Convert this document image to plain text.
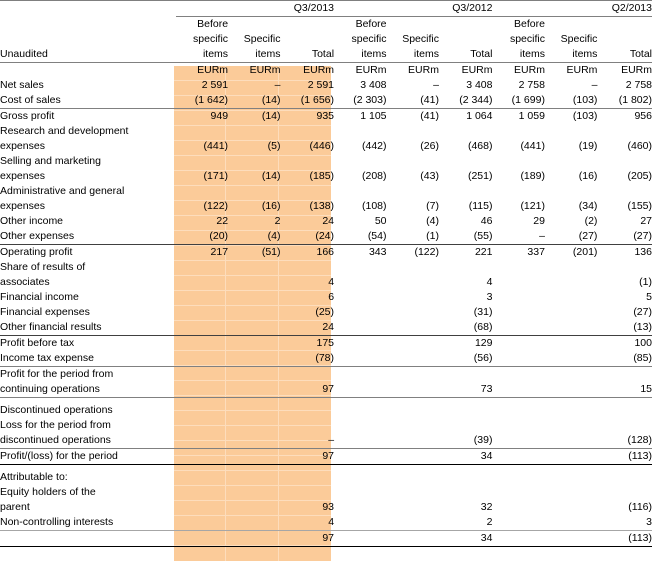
	Q3/2013			Q3/2012			Q2/2013		
	Before			Before			Before		
	specific	Specific		specific	Specific		specific	Specific	
Unaudited	items	items	Total	items	items	Total	items	items	Total
	EURm	EURm	EURm	EURm	EURm	EURm	EURm	EURm	EURm
Net sales	2 591	–	2 591	3 408	–	3 408	2 758	–	2 758
Cost of sales	(1 642)	(14)	(1 656)	(2 303)	(41)	(2 344)	(1 699)	(103)	(1 802)
Gross profit	949	(14)	935	1 105	(41)	1 064	1 059	(103)	956
Research and development									
expenses	(441)	(5)	(446)	(442)	(26)	(468)	(441)	(19)	(460)
Selling and marketing									
expenses	(171)	(14)	(185)	(208)	(43)	(251)	(189)	(16)	(205)
Administrative and general									
expenses	(122)	(16)	(138)	(108)	(7)	(115)	(121)	(34)	(155)
Other income	22	2	24	50	(4)	46	29	(2)	27
Other expenses	(20)	(4)	(24)	(54)	(1)	(55)	–	(27)	(27)
Operating profit	217	(51)	166	343	(122)	221	337	(201)	136
Share of results of									
associates			4			4			(1)
Financial income			6			3			5
Financial expenses			(25)			(31)			(27)
Other financial results			24			(68)			(13)
Profit before tax			175			129			100
Income tax expense			(78)			(56)			(85)
Profit for the period from									
continuing operations			97			73			15
Discontinued operations									
Loss for the period from									
discontinued operations			–			(39)			(128)
Profit/(loss) for the period			97			34			(113)
Attributable to:									
Equity holders of the									
parent			93			32			(116)
Non-controlling interests			4			2			3
			97			34			(113)
